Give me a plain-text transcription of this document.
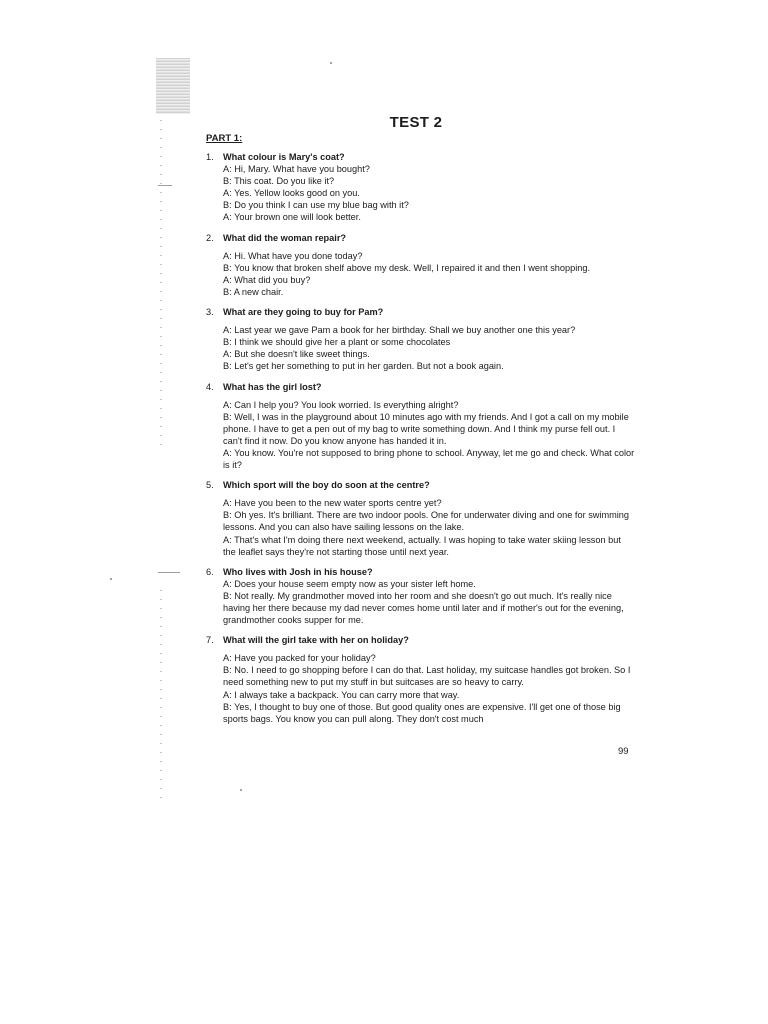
TEST 2
PART 1:
1.	What colour is Mary's coat?
A: Hi, Mary. What have you bought?
B: This coat. Do you like it?
A: Yes. Yellow looks good on you.
B: Do you think I can use my blue bag with it?
A: Your brown one will look better.
2.	What did the woman repair?
A: Hi. What have you done today?
B: You know that broken shelf above my desk. Well, I repaired it and then I went shopping.
A: What did you buy?
B: A new chair.
3.	What are they going to buy for Pam?
A: Last year we gave Pam a book for her birthday. Shall we buy another one this year?
B: I think we should give her a plant or some chocolates
A: But she doesn't like sweet things.
B: Let's get her something to put in her garden. But not a book again.
4.	What has the girl lost?
A: Can I help you? You look worried. Is everything alright?
B: Well, I was in the playground about 10 minutes ago with my friends. And I got a call on my mobile phone. I have to get a pen out of my bag to write something down. And I think my purse fell out. I can't find it now. Do you know anyone has handed it in.
A: You know. You're not supposed to bring phone to school. Anyway, let me go and check. What color is it?
5.	Which sport will the boy do soon at the centre?
A: Have you been to the new water sports centre yet?
B: Oh yes. It's brilliant. There are two indoor pools. One for underwater diving and one for swimming lessons. And you can also have sailing lessons on the lake.
A: That's what I'm doing there next weekend, actually. I was hoping to take water skiing lesson but the leaflet says they're not starting those until next year.
6.	Who lives with Josh in his house?
A: Does your house seem empty now as your sister left home.
B: Not really. My grandmother moved into her room and she doesn't go out much. It's really nice having her there because my dad never comes home until later and if mother's out for the evening, grandmother cooks supper for me.
7.	What will the girl take with her on holiday?
A: Have you packed for your holiday?
B: No. I need to go shopping before I can do that. Last holiday, my suitcase handles got broken. So I need something new to put my stuff in but suitcases are so heavy to carry.
A: I always take a backpack. You can carry more that way.
B: Yes, I thought to buy one of those. But good quality ones are expensive. I'll get one of those big sports bags. You know you can pull along. They don't cost much
99
